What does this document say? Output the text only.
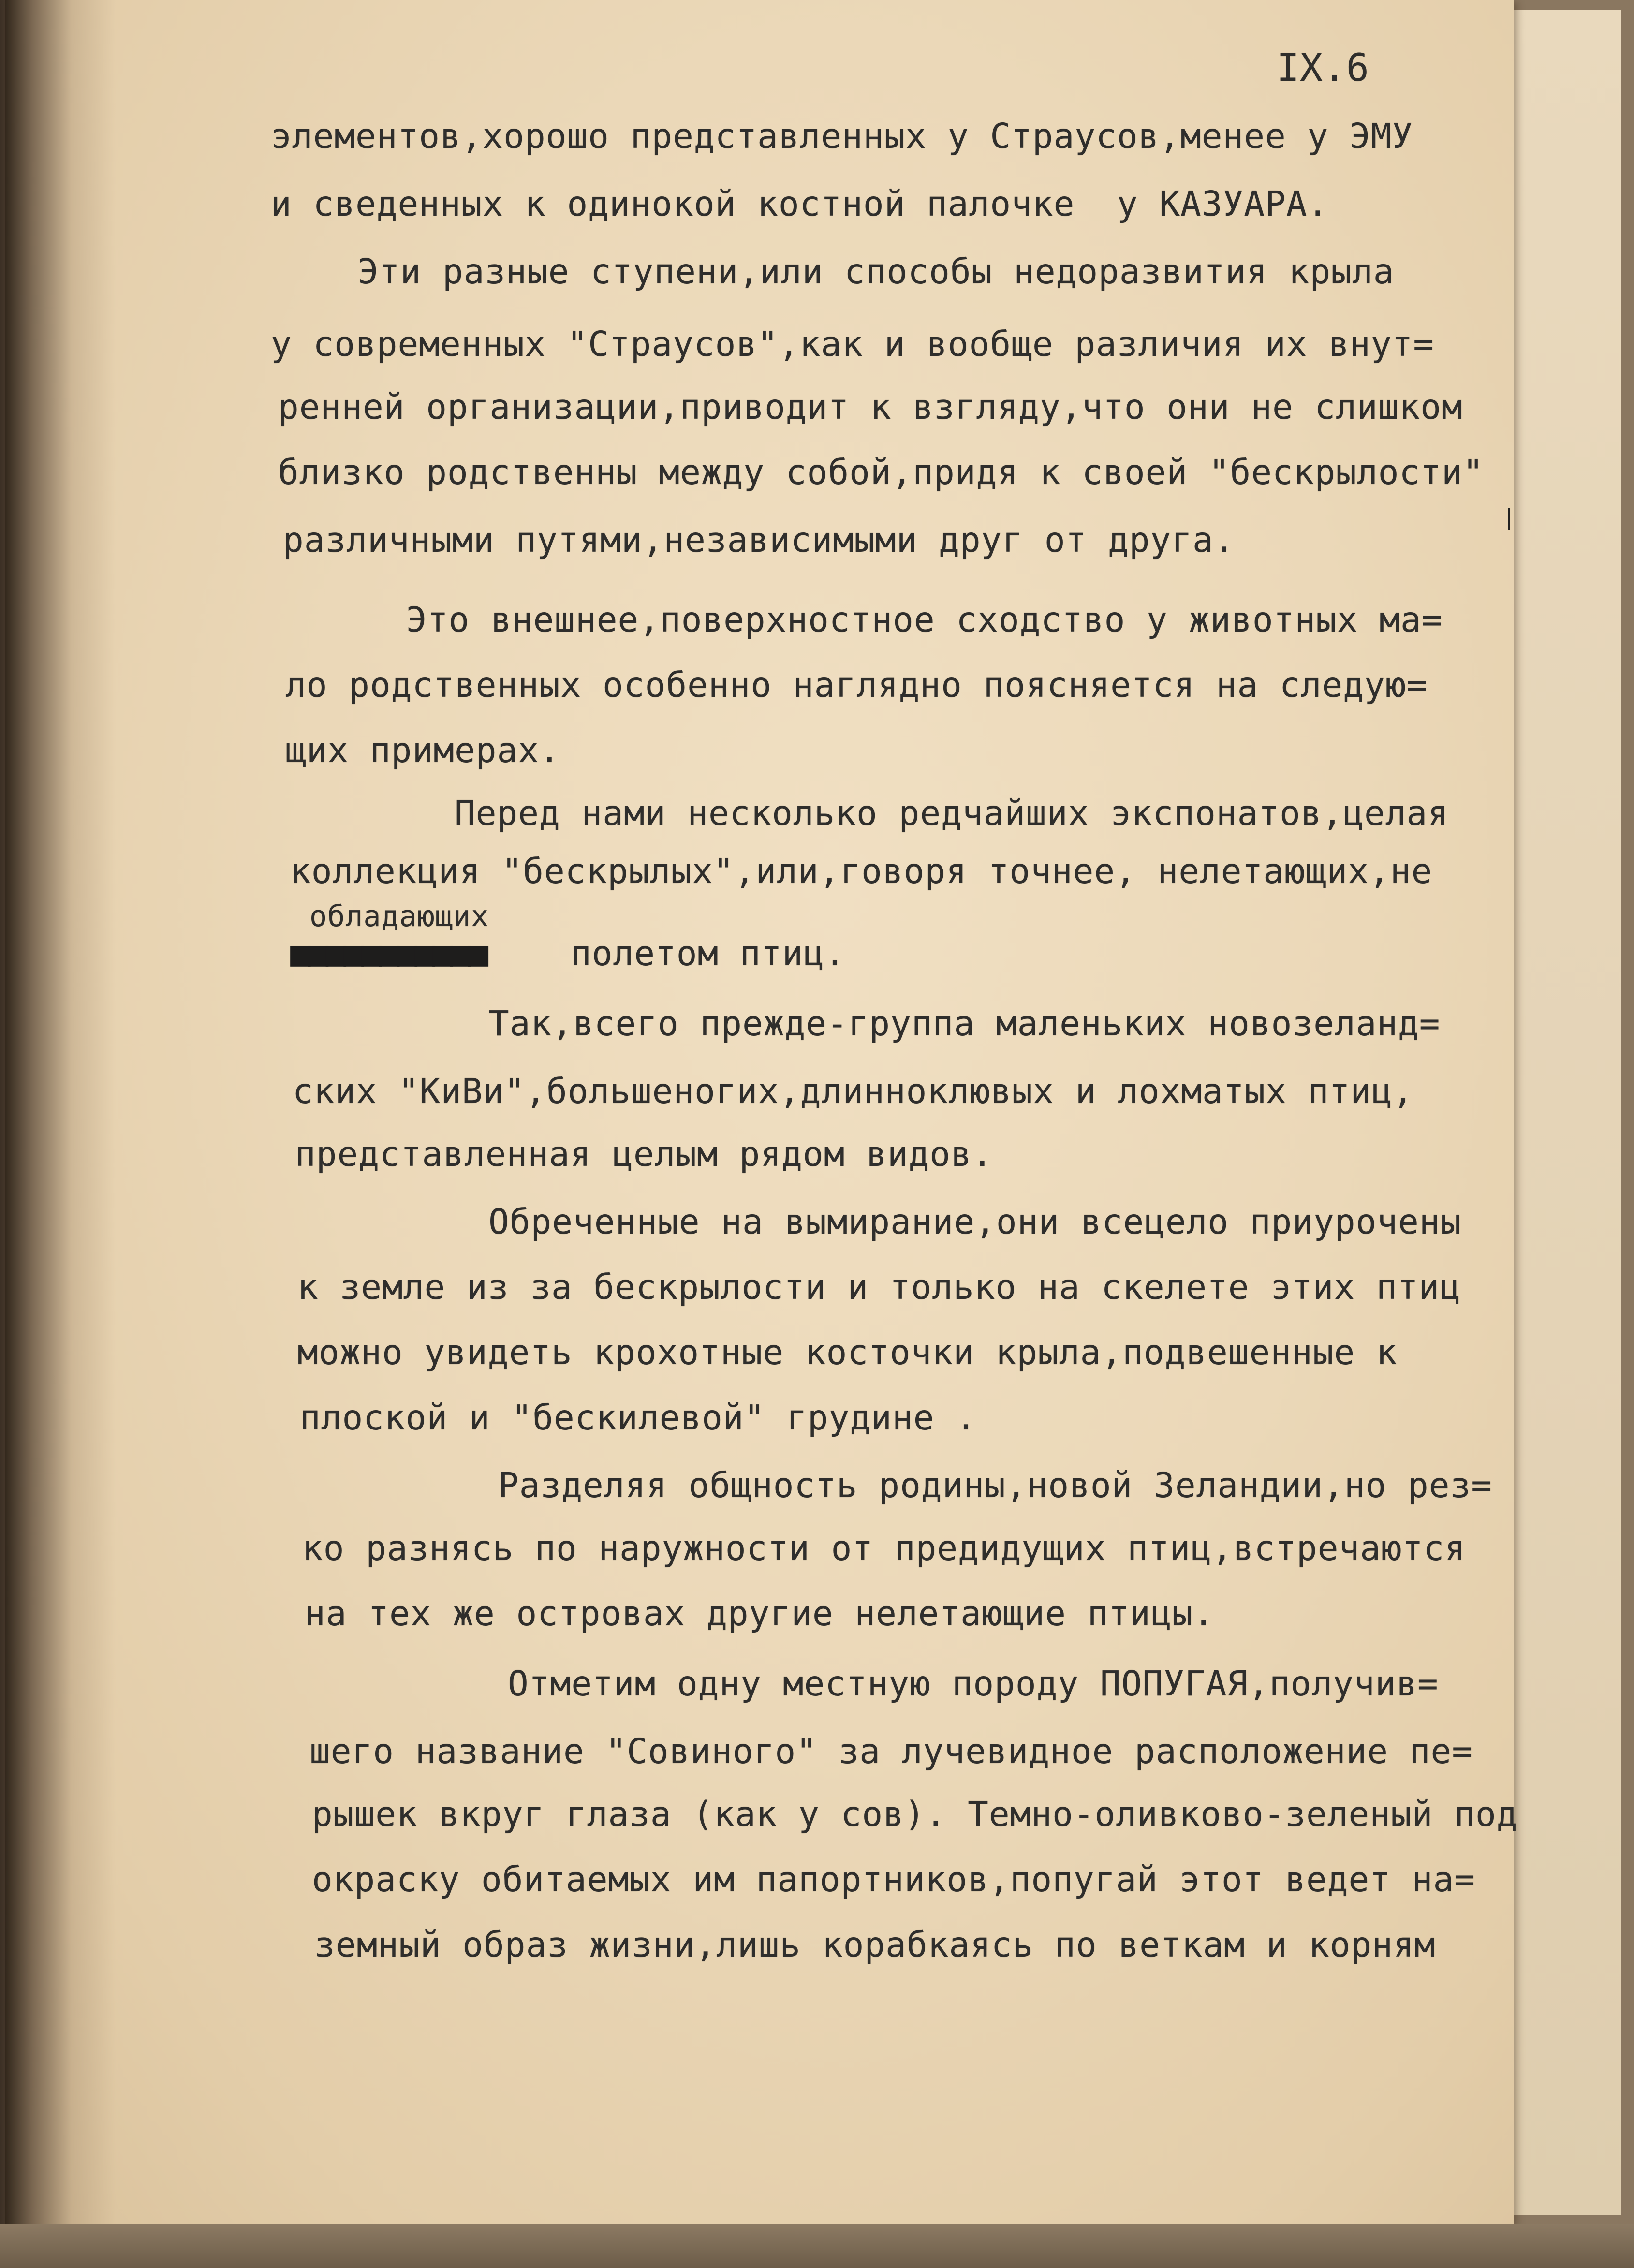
IX.6
элементов,хорошо представленных у Страусов,менее у ЭМУ
и сведенных к одинокой костной палочке  у КАЗУАРА.
Эти разные ступени,или способы недоразвития крыла
у современных "Страусов",как и вообще различия их внут=
ренней организации,приводит к взгляду,что они не слишком
близко родственны между собой,придя к своей "бескрылости"
различными путями,независимыми друг от друга.
Это внешнее,поверхностное сходство у животных ма=
ло родственных особенно наглядно поясняется на следую=
щих примерах.
Перед нами несколько редчайших экспонатов,целая
коллекция "бескрылых",или,говоря точнее, нелетающих,не
обладающих
■■■■■■■■■■■ полетом птиц.
Так,всего прежде-группа маленьких новозеланд=
ских "КиВи",большеногих,длинноклювых и лохматых птиц,
представленная целым рядом видов.
Обреченные на вымирание,они всецело приурочены
к земле из за бескрылости и только на скелете этих птиц
можно увидеть крохотные косточки крыла,подвешенные к
плоской и "бескилевой" грудине .
Разделяя общность родины,новой Зеландии,но рез=
ко разнясь по наружности от предидущих птиц,встречаются
на тех же островах другие нелетающие птицы.
Отметим одну местную породу ПОПУГАЯ,получив=
шего название "Совиного" за лучевидное расположение пе=
рышек вкруг глаза (как у сов). Темно-оливково-зеленый под
окраску обитаемых им папортников,попугай этот ведет на=
земный образ жизни,лишь корабкаясь по веткам и корням
